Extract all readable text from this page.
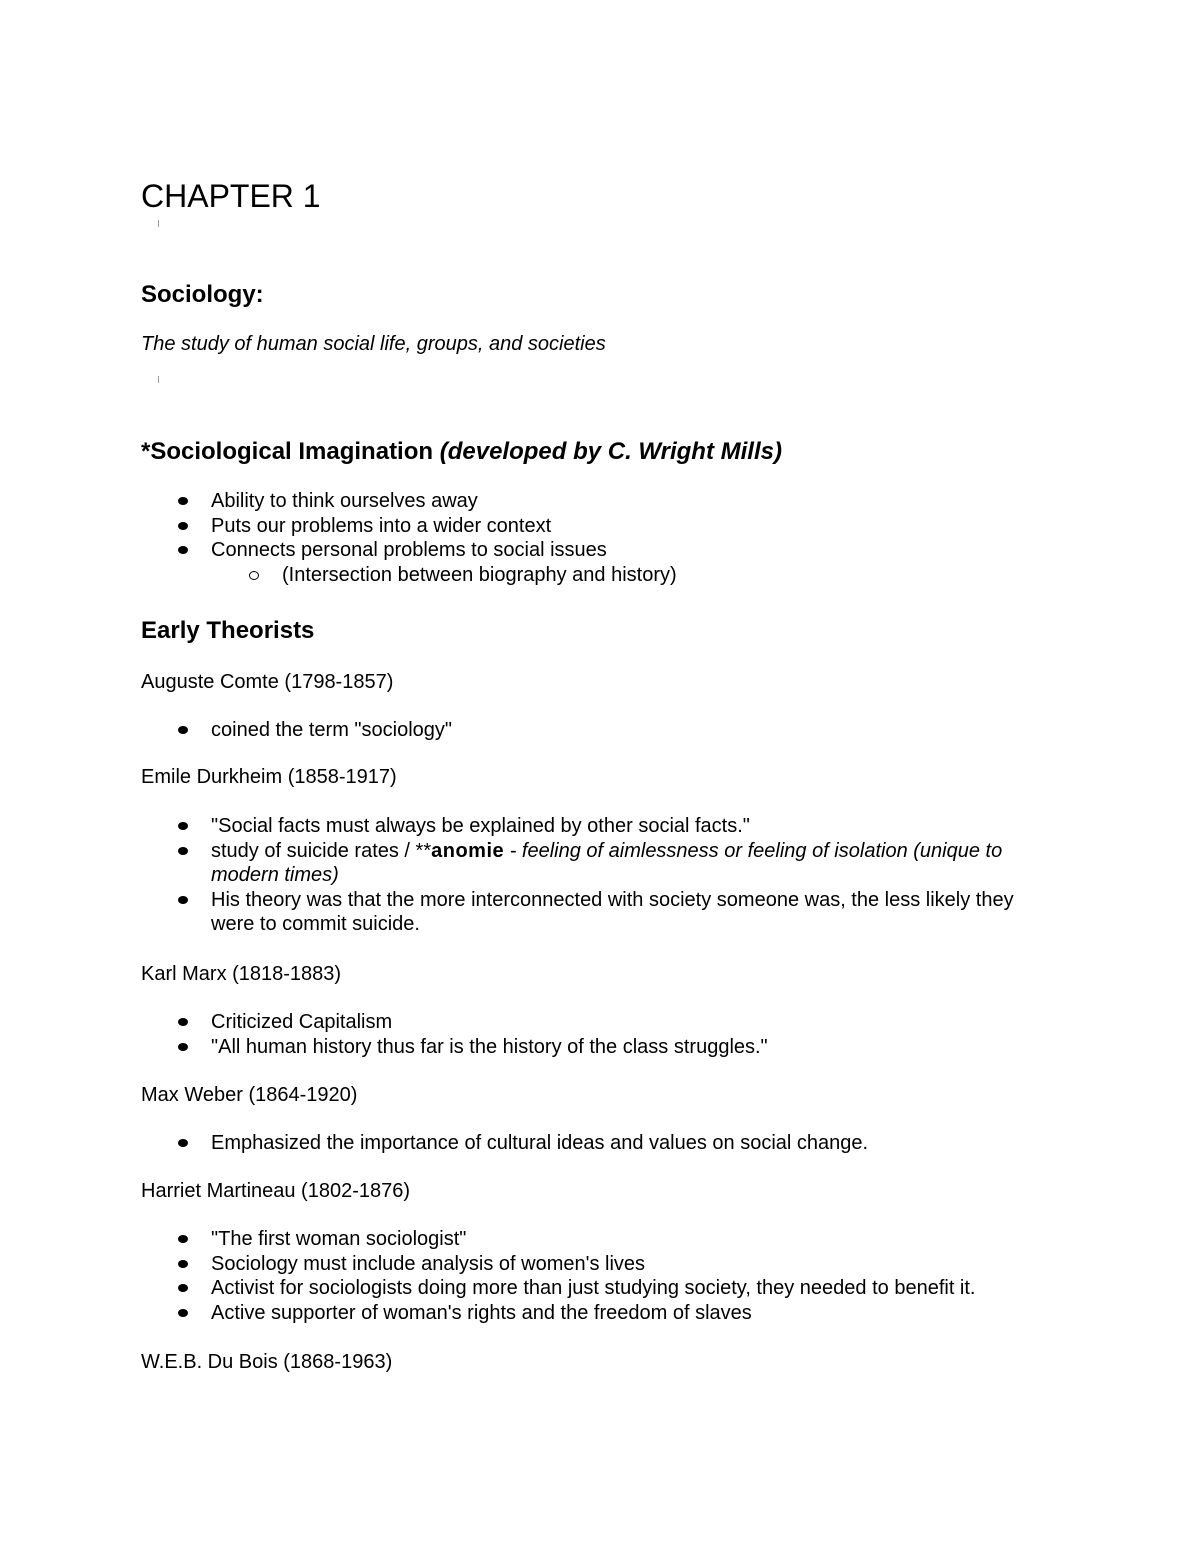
CHAPTER 1
Sociology:

The study of human social life, groups, and societies

*Sociological Imagination (developed by C. Wright Mills)
Ability to think ourselves away
Puts our problems into a wider context
Connects personal problems to social issues
(Intersection between biography and history)
Early Theorists

Auguste Comte (1798-1857)

coined the term "sociology"

Emile Durkheim (1858-1917)

"Social facts must always be explained by other social facts."
study of suicide rates / **anomie - feeling of aimlessness or feeling of isolation (unique to modern times)
His theory was that the more interconnected with society someone was, the less likely they were to commit suicide.

Karl Marx (1818-1883)

Criticized Capitalism
"All human history thus far is the history of the class struggles."

Max Weber (1864-1920)

Emphasized the importance of cultural ideas and values on social change.

Harriet Martineau (1802-1876)

"The first woman sociologist"
Sociology must include analysis of women's lives
Activist for sociologists doing more than just studying society, they needed to benefit it.
Active supporter of woman's rights and the freedom of slaves

W.E.B. Du Bois (1868-1963)
